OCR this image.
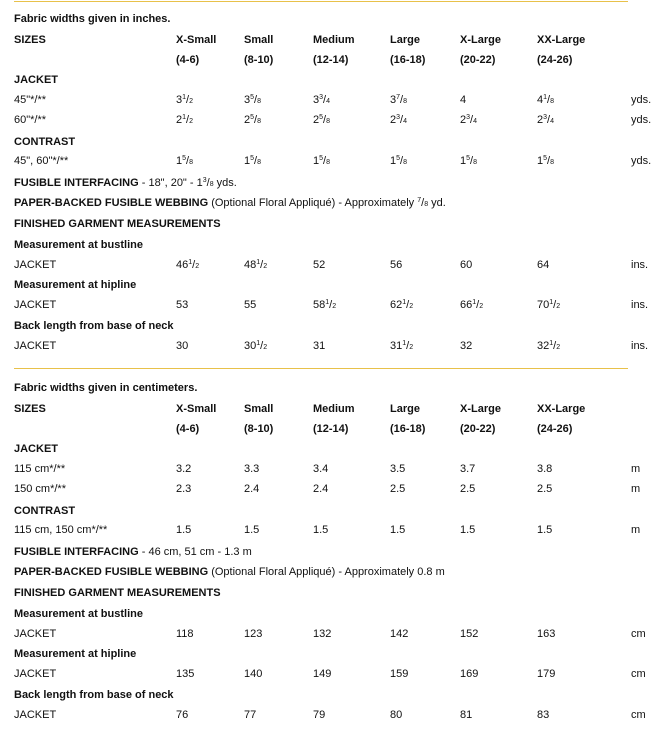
Fabric widths given in inches.
SIZES	X-Small	Small	Medium	Large	X-Large	XX-Large
(4-6)	(8-10)	(12-14)	(16-18)	(20-22)	(24-26)
JACKET
45"*/**	$3^1/2$	$3^5/8$	$3^3/4$	$3^7/8$	4	$4^1/8$	yds.
60"*/**	$2^1/2$	$2^5/8$	$2^5/8$	$2^3/4$	$2^3/4$	$2^3/4$	yds.
CONTRAST
45", 60"*/**	$1^5/8$	$1^5/8$	$1^5/8$	$1^5/8$	$1^5/8$	$1^5/8$	yds.
FUSIBLE INTERFACING - 18", 20" - $1^3/8$ yds.
PAPER-BACKED FUSIBLE WEBBING (Optional Floral Appliqué) - Approximately $^7$/8 yd.
FINISHED GARMENT MEASUREMENTS
Measurement at bustline
JACKET	$46^1/2$	$48^1/2$	52	56	60	64	ins.
Measurement at hipline
JACKET	53	55	$58^1/2$	$62^1/2$	$66^1/2$	$70^1/2$	ins.
Back length from base of neck
JACKET	30	$30^1/2$	31	$31^1/2$	32	$32^1/2$	ins.
Fabric widths given in centimeters.
SIZES	X-Small	Small	Medium	Large	X-Large	XX-Large
(4-6)	(8-10)	(12-14)	(16-18)	(20-22)	(24-26)
JACKET
115 cm*/**	3.2	3.3	3.4	3.5	3.7	3.8	m
150 cm*/**	2.3	2.4	2.4	2.5	2.5	2.5	m
CONTRAST
115 cm, 150 cm*/**	1.5	1.5	1.5	1.5	1.5	1.5	m
FUSIBLE INTERFACING - 46 cm, 51 cm - 1.3 m
PAPER-BACKED FUSIBLE WEBBING (Optional Floral Appliqué) - Approximately 0.8 m
FINISHED GARMENT MEASUREMENTS
Measurement at bustline
JACKET	118	123	132	142	152	163	cm
Measurement at hipline
JACKET	135	140	149	159	169	179	cm
Back length from base of neck
JACKET	76	77	79	80	81	83	cm
